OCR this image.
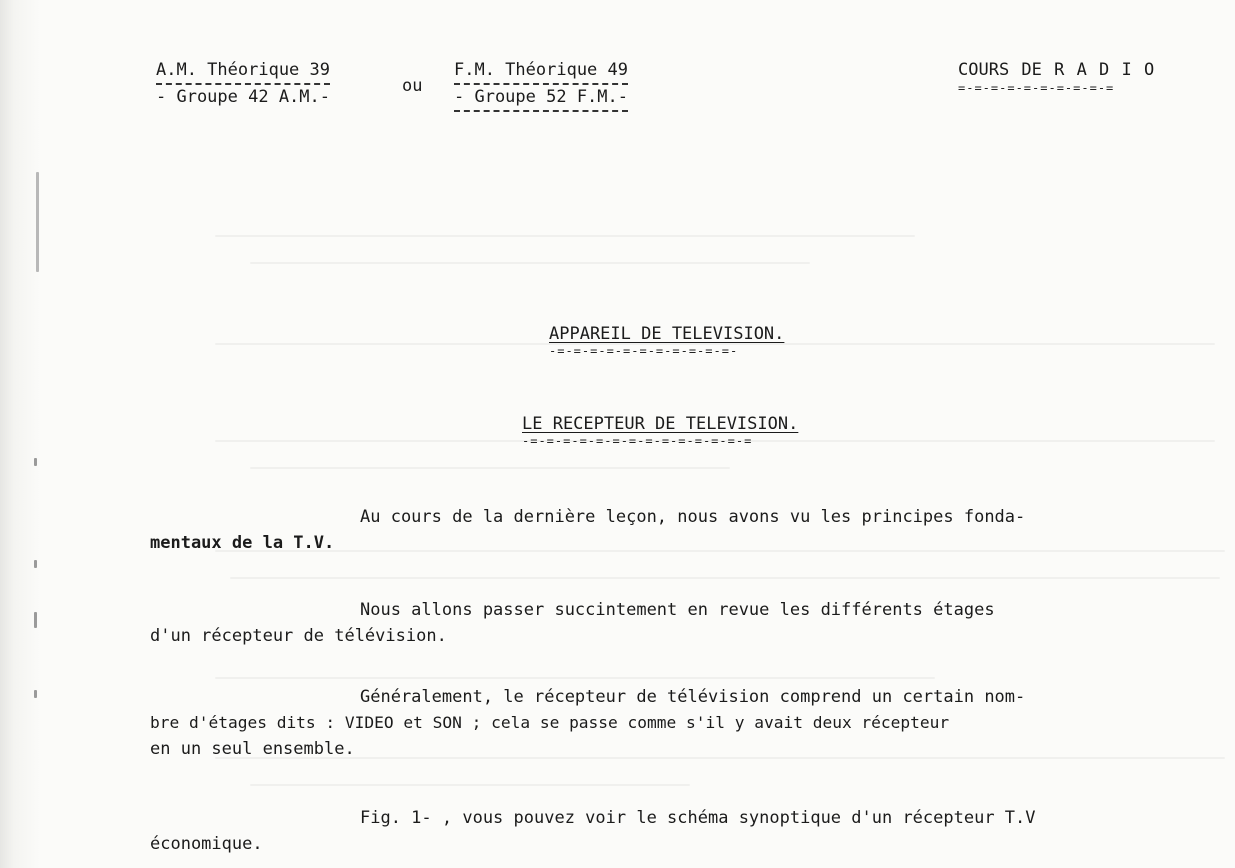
A.M. Théorique 39
- Groupe 42 A.M.-
ou
F.M. Théorique 49
- Groupe 52 F.M.-
COURS DE R A D I O
=-=-=-=-=-=-=-=-=-=
APPAREIL DE TELEVISION.
-=-=-=-=-=-=-=-=-=-=-=-
LE RECEPTEUR DE TELEVISION.
-=-=-=-=-=-=-=-=-=-=-=-=-=-=
Au cours de la dernière leçon, nous avons vu les principes fonda-
mentaux de la T.V.
Nous allons passer succintement en revue les différents étages
d'un récepteur de télévision.
Généralement, le récepteur de télévision comprend un certain nom-
bre d'étages dits : VIDEO et SON ; cela se passe comme s'il y avait deux récepteur
en un seul ensemble.
Fig. 1- , vous pouvez voir le schéma synoptique d'un récepteur T.V
économique.
